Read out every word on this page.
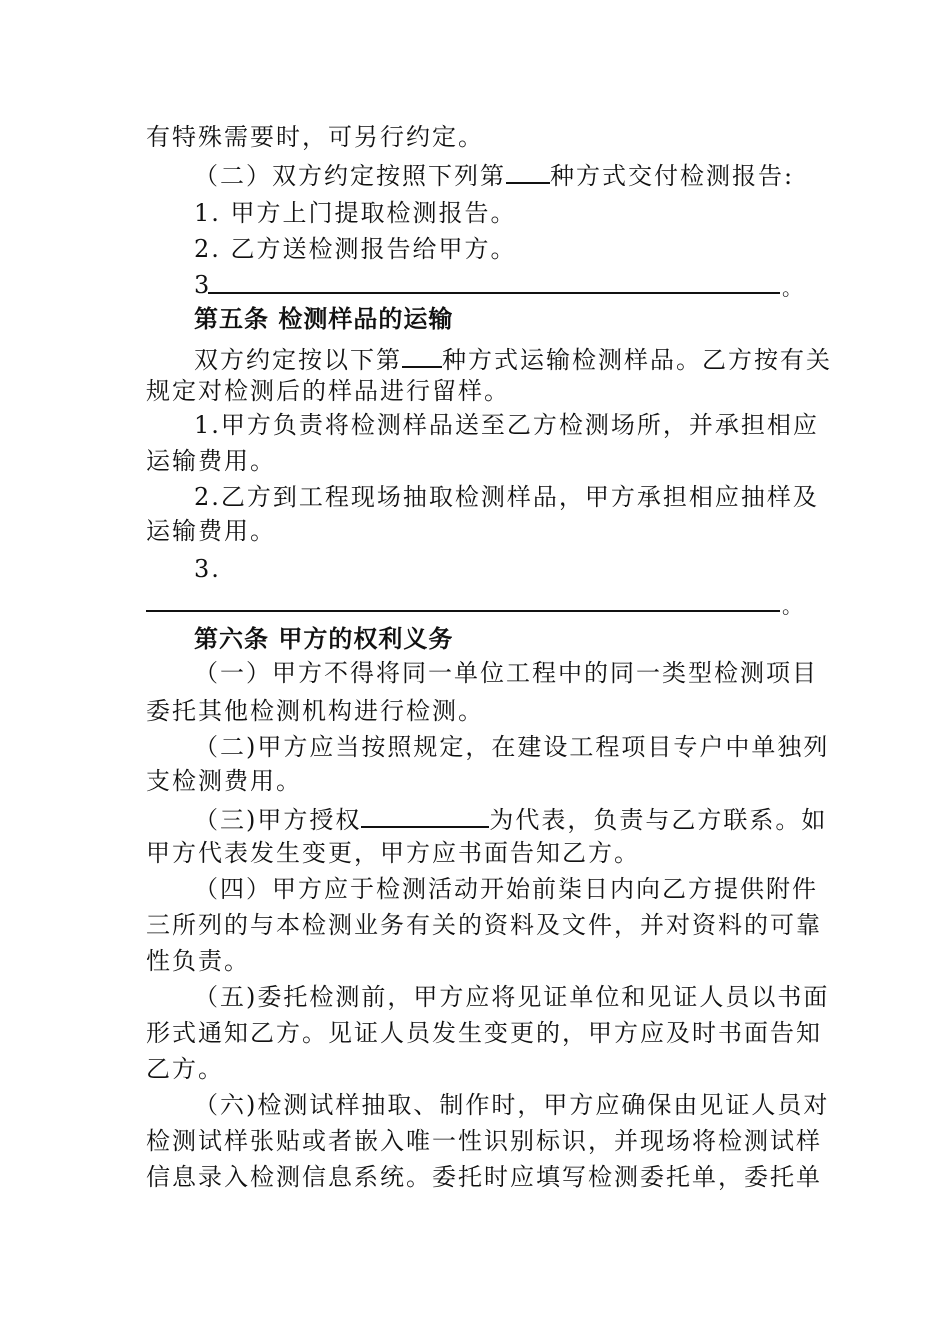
有特殊需要时，可另行约定。
（二）双方约定按照下列第 种方式交付检测报告:
1. 甲方上门提取检测报告。
2. 乙方送检测报告给甲方。
3	。
第五条 检测样品的运输
双方约定按以下第 种方式运输检测样品。乙方按有关
规定对检测后的样品进行留样。
1.甲方负责将检测样品送至乙方检测场所，并承担相应
运输费用。
2.乙方到工程现场抽取检测样品，甲方承担相应抽样及
运输费用。
3.
。
第六条 甲方的权利义务
（一）甲方不得将同一单位工程中的同一类型检测项目
委托其他检测机构进行检测。
（二)甲方应当按照规定，在建设工程项目专户中单独列
支检测费用。
（三)甲方授权	为代表，负责与乙方联系。如
甲方代表发生变更，甲方应书面告知乙方。
（四）甲方应于检测活动开始前柒日内向乙方提供附件
三所列的与本检测业务有关的资料及文件，并对资料的可靠
性负责。
（五)委托检测前，甲方应将见证单位和见证人员以书面
形式通知乙方。见证人员发生变更的，甲方应及时书面告知
乙方。
（六)检测试样抽取、制作时，甲方应确保由见证人员对
检测试样张贴或者嵌入唯一性识别标识，并现场将检测试样
信息录入检测信息系统。委托时应填写检测委托单，委托单
